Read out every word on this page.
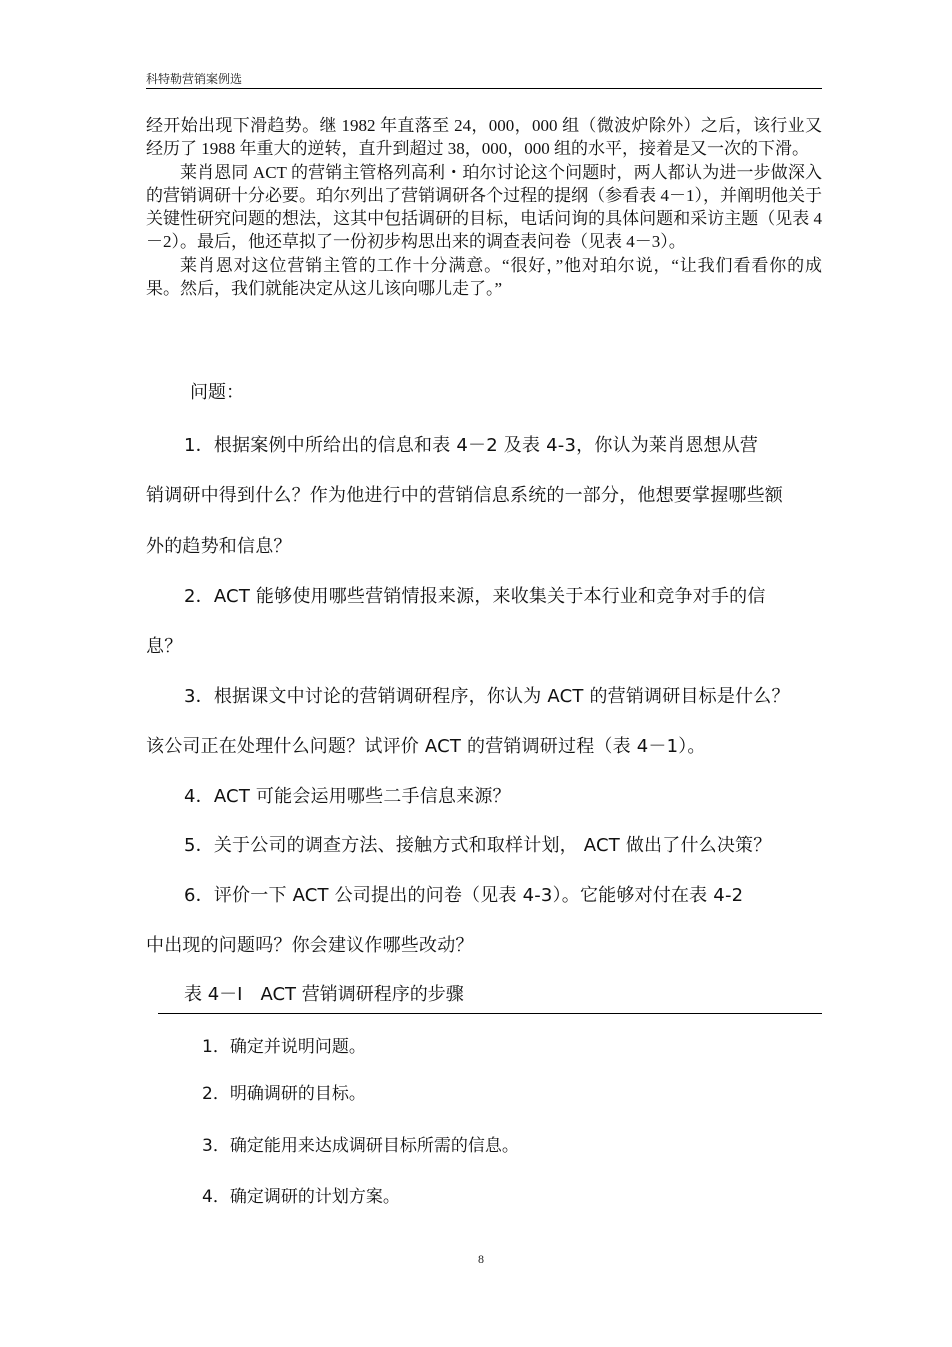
科特勒营销案例选

经开始出现下滑趋势。继 1982 年直落至 24，000，000 组（微波炉除外）之后，该行业又经历了 1988 年重大的逆转，直升到超过 38，000，000 组的水平，接着是又一次的下滑。

莱肖恩同 ACT 的营销主管格列高利・珀尔讨论这个问题时，两人都认为进一步做深入的营销调研十分必要。珀尔列出了营销调研各个过程的提纲（参看表 4－1），并阐明他关于关键性研究问题的想法，这其中包括调研的目标，电话问询的具体问题和采访主题（见表 4－2）。最后，他还草拟了一份初步构思出来的调查表问卷（见表 4－3）。

莱肖恩对这位营销主管的工作十分满意。“很好，”他对珀尔说，“让我们看看你的成果。然后，我们就能决定从这儿该向哪儿走了。”

问题：
1．根据案例中所给出的信息和表 4－2 及表 4-3，你认为莱肖恩想从营
销调研中得到什么？作为他进行中的营销信息系统的一部分，他想要掌握哪些额
外的趋势和信息？
2．ACT 能够使用哪些营销情报来源，来收集关于本行业和竞争对手的信
息？
3．根据课文中讨论的营销调研程序，你认为 ACT 的营销调研目标是什么？
该公司正在处理什么问题？试评价 ACT 的营销调研过程（表 4－1）。
4．ACT 可能会运用哪些二手信息来源？
5．关于公司的调查方法、接触方式和取样计划， ACT 做出了什么决策？
6．评价一下 ACT 公司提出的问卷（见表 4-3）。它能够对付在表 4-2
中出现的问题吗？你会建议作哪些改动？
表 4－I　ACT 营销调研程序的步骤
1．确定并说明问题。
2．明确调研的目标。
3．确定能用来达成调研目标所需的信息。
4．确定调研的计划方案。
8
